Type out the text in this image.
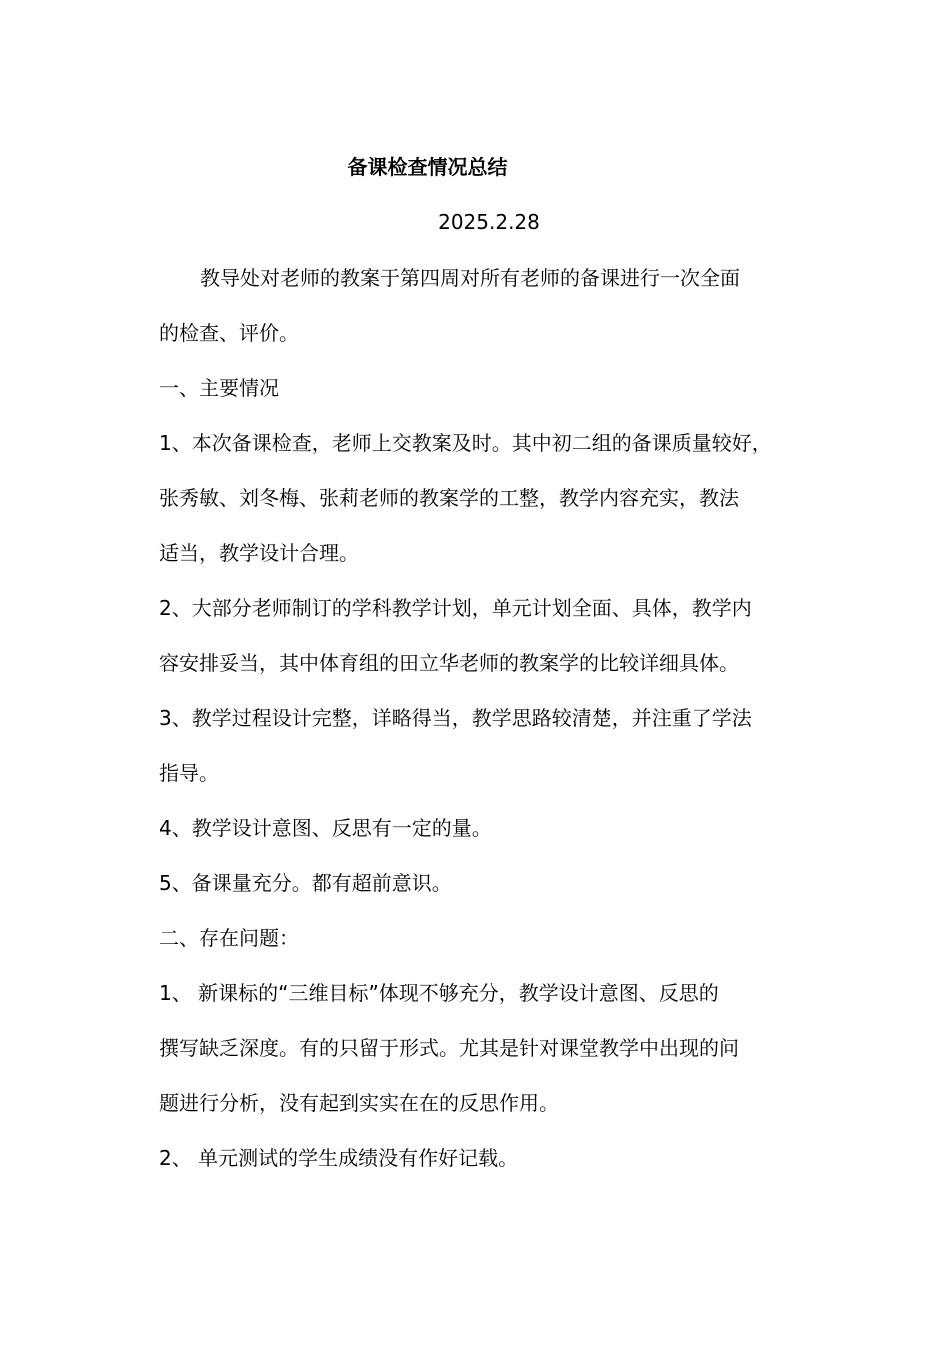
备课检查情况总结
2025.2.28
教导处对老师的教案于第四周对所有老师的备课进行一次全面
的检查、评价。
一、主要情况
1、本次备课检查，老师上交教案及时。其中初二组的备课质量较好，
张秀敏、刘冬梅、张莉老师的教案学的工整，教学内容充实，教法
适当，教学设计合理。
2、大部分老师制订的学科教学计划，单元计划全面、具体，教学内
容安排妥当，其中体育组的田立华老师的教案学的比较详细具体。
3、教学过程设计完整，详略得当，教学思路较清楚，并注重了学法
指导。
4、教学设计意图、反思有一定的量。
5、备课量充分。都有超前意识。
二、存在问题：
1、 新课标的“三维目标”体现不够充分，教学设计意图、反思的
撰写缺乏深度。有的只留于形式。尤其是针对课堂教学中出现的问
题进行分析，没有起到实实在在的反思作用。
2、 单元测试的学生成绩没有作好记载。
